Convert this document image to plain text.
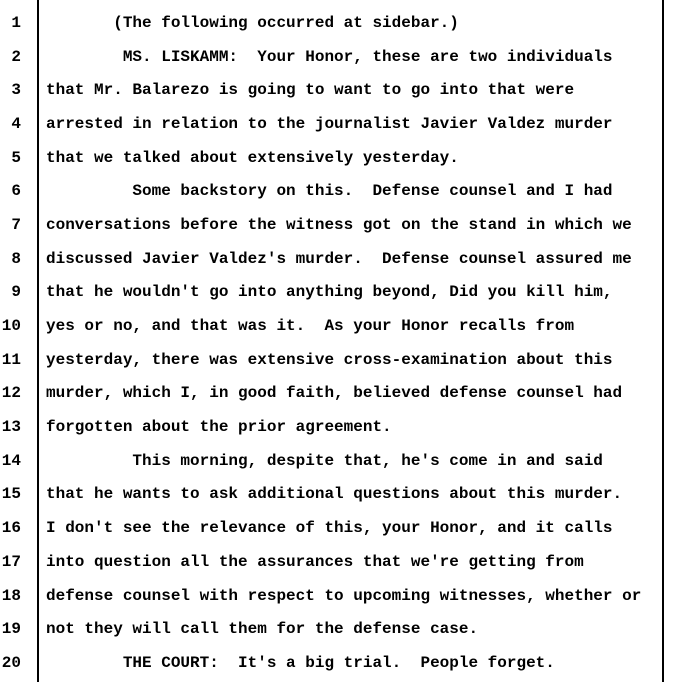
1	(The following occurred at sidebar.)
2	MS. LISKAMM:  Your Honor, these are two individuals
3	that Mr. Balarezo is going to want to go into that were
4	arrested in relation to the journalist Javier Valdez murder
5	that we talked about extensively yesterday.
6	Some backstory on this.  Defense counsel and I had
7	conversations before the witness got on the stand in which we
8	discussed Javier Valdez's murder.  Defense counsel assured me
9	that he wouldn't go into anything beyond, Did you kill him,
10	yes or no, and that was it.  As your Honor recalls from
11	yesterday, there was extensive cross-examination about this
12	murder, which I, in good faith, believed defense counsel had
13	forgotten about the prior agreement.
14	This morning, despite that, he's come in and said
15	that he wants to ask additional questions about this murder.
16	I don't see the relevance of this, your Honor, and it calls
17	into question all the assurances that we're getting from
18	defense counsel with respect to upcoming witnesses, whether or
19	not they will call them for the defense case.
20	THE COURT:  It's a big trial.  People forget.
